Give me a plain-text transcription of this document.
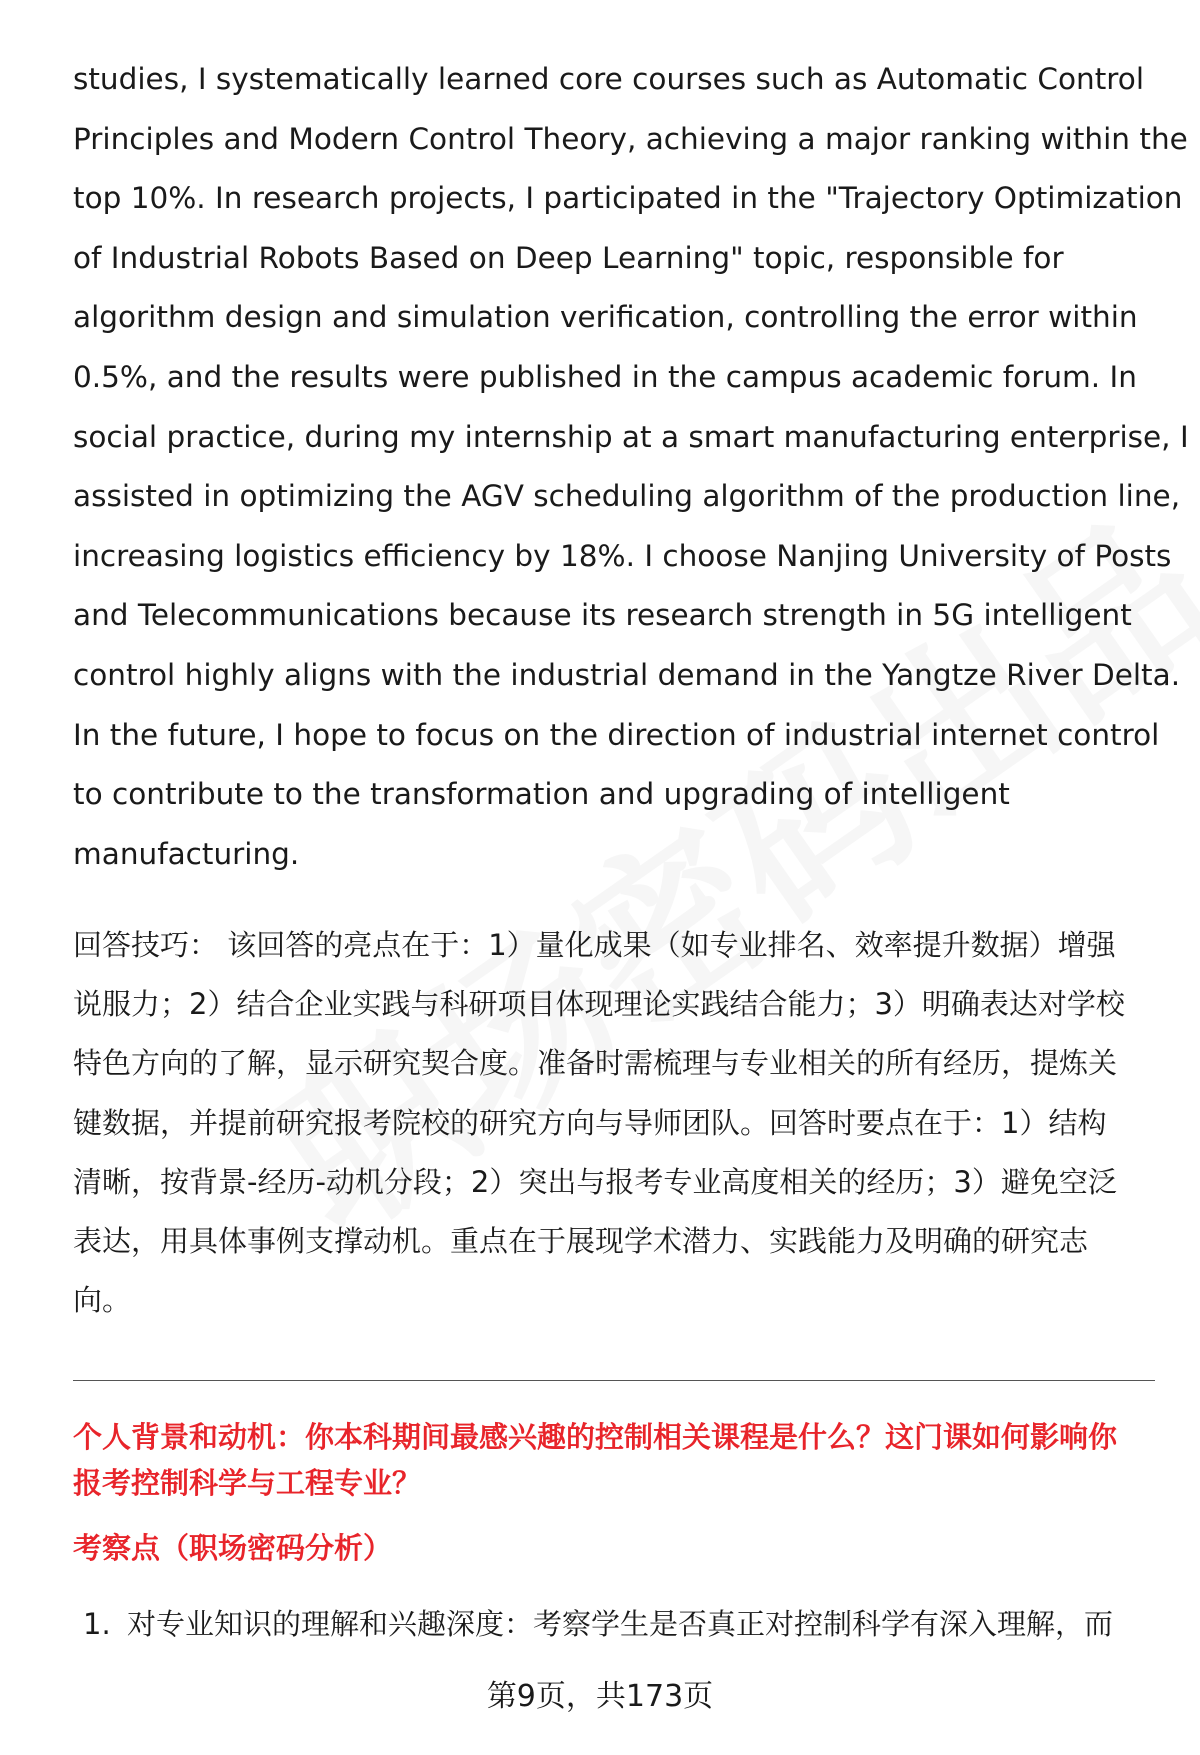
studies, I systematically learned core courses such as Automatic Control
Principles and Modern Control Theory, achieving a major ranking within the
top 10%. In research projects, I participated in the "Trajectory Optimization
of Industrial Robots Based on Deep Learning" topic, responsible for
algorithm design and simulation verification, controlling the error within
0.5%, and the results were published in the campus academic forum. In
social practice, during my internship at a smart manufacturing enterprise, I
assisted in optimizing the AGV scheduling algorithm of the production line,
increasing logistics efficiency by 18%. I choose Nanjing University of Posts
and Telecommunications because its research strength in 5G intelligent
control highly aligns with the industrial demand in the Yangtze River Delta.
In the future, I hope to focus on the direction of industrial internet control
to contribute to the transformation and upgrading of intelligent
manufacturing.
回答技巧： 该回答的亮点在于：1）量化成果（如专业排名、效率提升数据）增强
说服力；2）结合企业实践与科研项目体现理论实践结合能力；3）明确表达对学校
特色方向的了解，显示研究契合度。准备时需梳理与专业相关的所有经历，提炼关
键数据，并提前研究报考院校的研究方向与导师团队。回答时要点在于：1）结构
清晰，按背景-经历-动机分段；2）突出与报考专业高度相关的经历；3）避免空泛
表达，用具体事例支撑动机。重点在于展现学术潜力、实践能力及明确的研究志
向。
个人背景和动机：你本科期间最感兴趣的控制相关课程是什么？这门课如何影响你
报考控制科学与工程专业？
考察点（职场密码分析）
1. 对专业知识的理解和兴趣深度：考察学生是否真正对控制科学有深入理解，而
第9页，共173页
